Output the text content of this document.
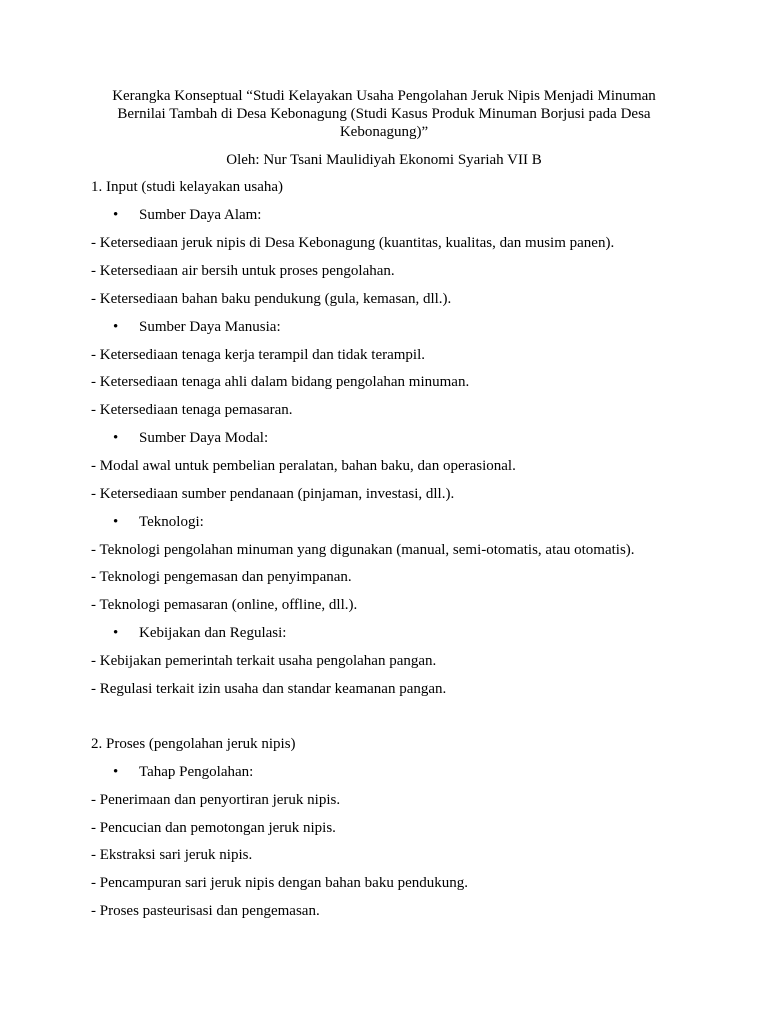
Kerangka Konseptual “Studi Kelayakan Usaha Pengolahan Jeruk Nipis Menjadi Minuman Bernilai Tambah di Desa Kebonagung (Studi Kasus Produk Minuman Borjusi pada Desa Kebonagung)”

Oleh: Nur Tsani Maulidiyah Ekonomi Syariah VII B

1. Input (studi kelayakan usaha)

• Sumber Daya Alam:

- Ketersediaan jeruk nipis di Desa Kebonagung (kuantitas, kualitas, dan musim panen).

- Ketersediaan air bersih untuk proses pengolahan.

- Ketersediaan bahan baku pendukung (gula, kemasan, dll.).

• Sumber Daya Manusia:

- Ketersediaan tenaga kerja terampil dan tidak terampil.

- Ketersediaan tenaga ahli dalam bidang pengolahan minuman.

- Ketersediaan tenaga pemasaran.

• Sumber Daya Modal:

- Modal awal untuk pembelian peralatan, bahan baku, dan operasional.

- Ketersediaan sumber pendanaan (pinjaman, investasi, dll.).

• Teknologi:

- Teknologi pengolahan minuman yang digunakan (manual, semi-otomatis, atau otomatis).

- Teknologi pengemasan dan penyimpanan.

- Teknologi pemasaran (online, offline, dll.).

• Kebijakan dan Regulasi:

- Kebijakan pemerintah terkait usaha pengolahan pangan.

- Regulasi terkait izin usaha dan standar keamanan pangan.

2. Proses (pengolahan jeruk nipis)

• Tahap Pengolahan:

- Penerimaan dan penyortiran jeruk nipis.

- Pencucian dan pemotongan jeruk nipis.

- Ekstraksi sari jeruk nipis.

- Pencampuran sari jeruk nipis dengan bahan baku pendukung.

- Proses pasteurisasi dan pengemasan.
